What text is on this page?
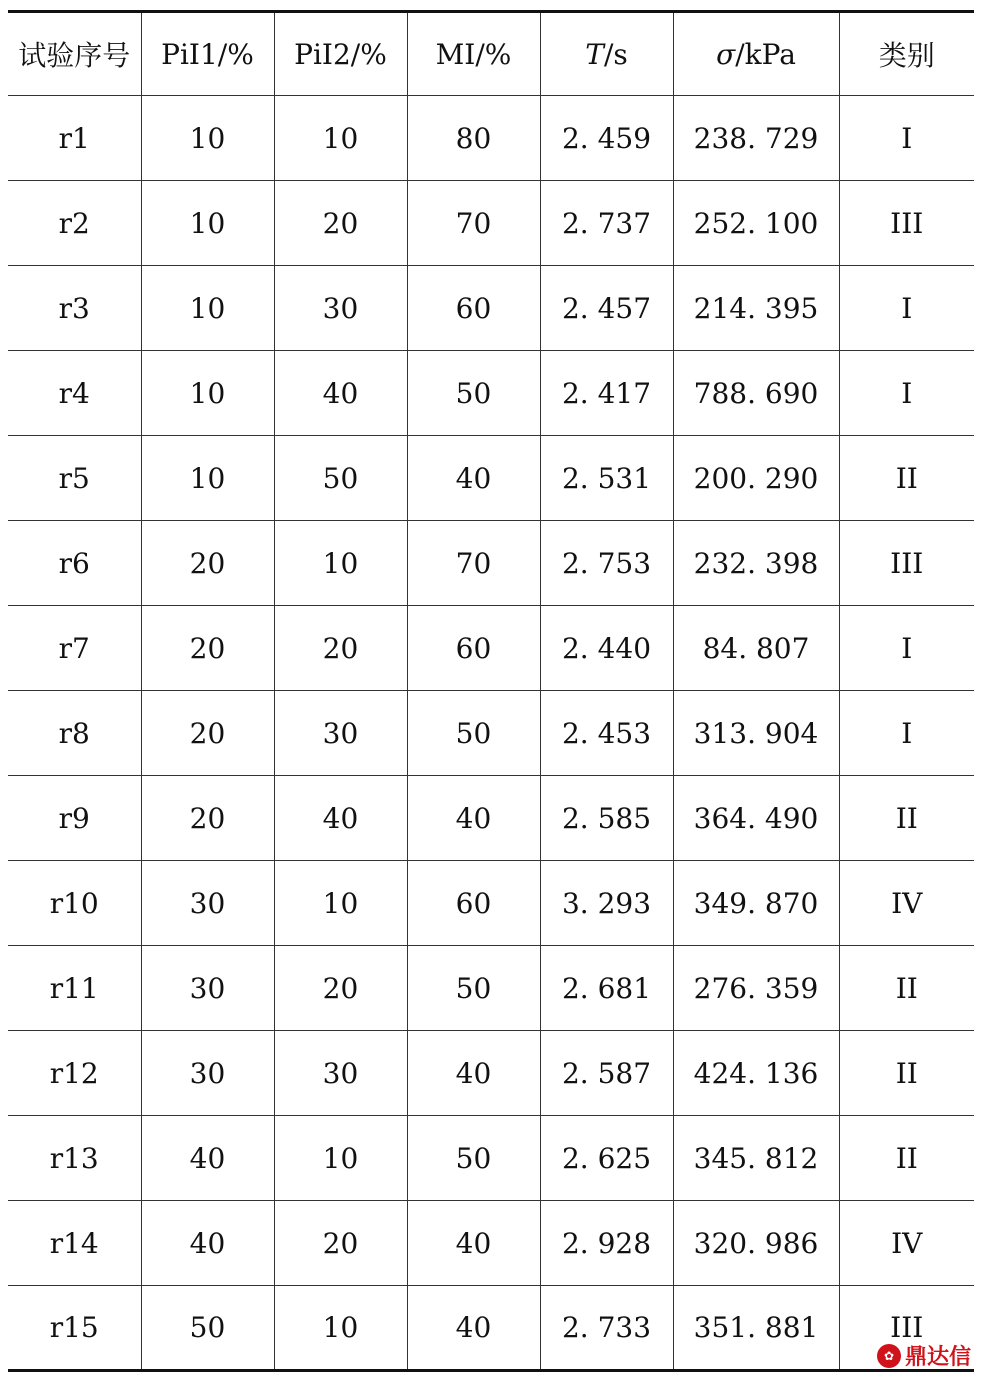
试验序号	PiI1/%	PiI2/%	MI/%	T/s	σ/kPa	类别
r1	10	10	80	2. 459	238. 729	I
r2	10	20	70	2. 737	252. 100	III
r3	10	30	60	2. 457	214. 395	I
r4	10	40	50	2. 417	788. 690	I
r5	10	50	40	2. 531	200. 290	II
r6	20	10	70	2. 753	232. 398	III
r7	20	20	60	2. 440	84. 807	I
r8	20	30	50	2. 453	313. 904	I
r9	20	40	40	2. 585	364. 490	II
r10	30	10	60	3. 293	349. 870	IV
r11	30	20	50	2. 681	276. 359	II
r12	30	30	40	2. 587	424. 136	II
r13	40	10	50	2. 625	345. 812	II
r14	40	20	40	2. 928	320. 986	IV
r15	50	10	40	2. 733	351. 881	III
✿ 鼎达信
